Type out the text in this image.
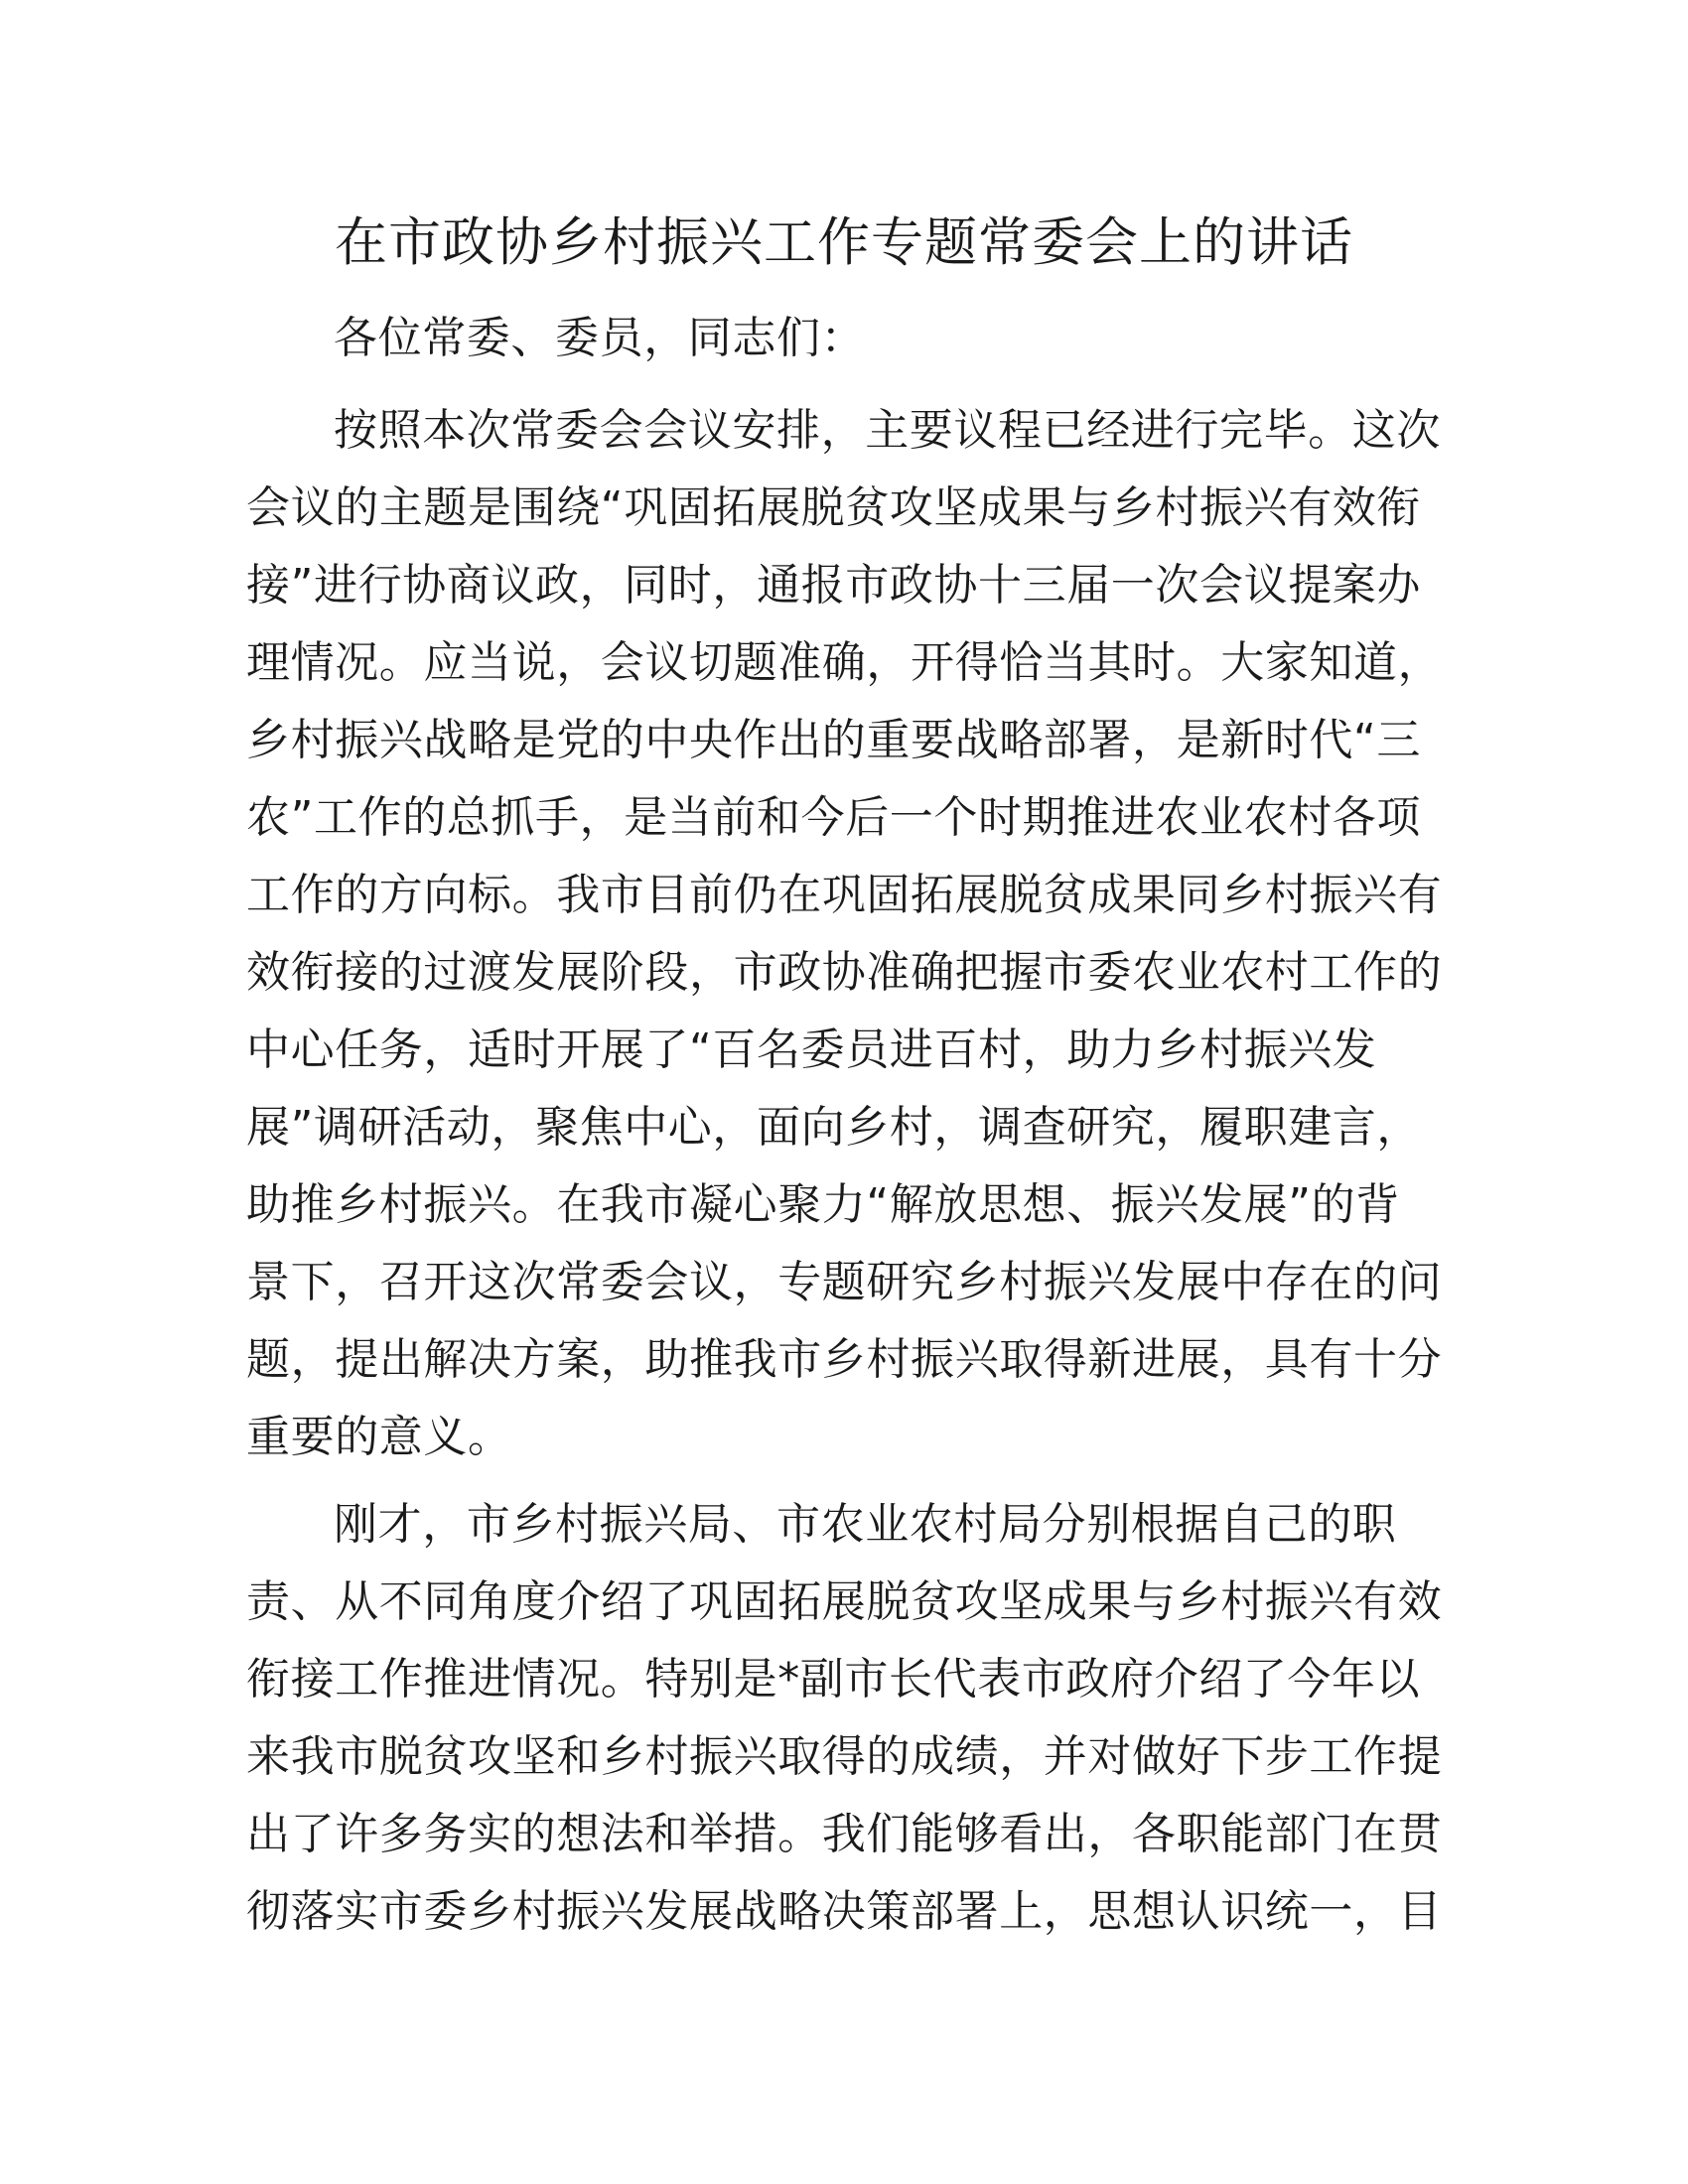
在市政协乡村振兴工作专题常委会上的讲话

各位常委、委员，同志们：

按照本次常委会会议安排，主要议程已经进行完毕。这次
会议的主题是围绕“巩固拓展脱贫攻坚成果与乡村振兴有效衔
接”进行协商议政，同时，通报市政协十三届一次会议提案办
理情况。应当说，会议切题准确，开得恰当其时。大家知道，
乡村振兴战略是党的中央作出的重要战略部署，是新时代“三
农”工作的总抓手，是当前和今后一个时期推进农业农村各项
工作的方向标。我市目前仍在巩固拓展脱贫成果同乡村振兴有
效衔接的过渡发展阶段，市政协准确把握市委农业农村工作的
中心任务，适时开展了“百名委员进百村，助力乡村振兴发
展”调研活动，聚焦中心，面向乡村，调查研究，履职建言，
助推乡村振兴。在我市凝心聚力“解放思想、振兴发展”的背
景下，召开这次常委会议，专题研究乡村振兴发展中存在的问
题，提出解决方案，助推我市乡村振兴取得新进展，具有十分
重要的意义。

刚才，市乡村振兴局、市农业农村局分别根据自己的职
责、从不同角度介绍了巩固拓展脱贫攻坚成果与乡村振兴有效
衔接工作推进情况。特别是*副市长代表市政府介绍了今年以
来我市脱贫攻坚和乡村振兴取得的成绩，并对做好下步工作提
出了许多务实的想法和举措。我们能够看出，各职能部门在贯
彻落实市委乡村振兴发展战略决策部署上，思想认识统一，目
